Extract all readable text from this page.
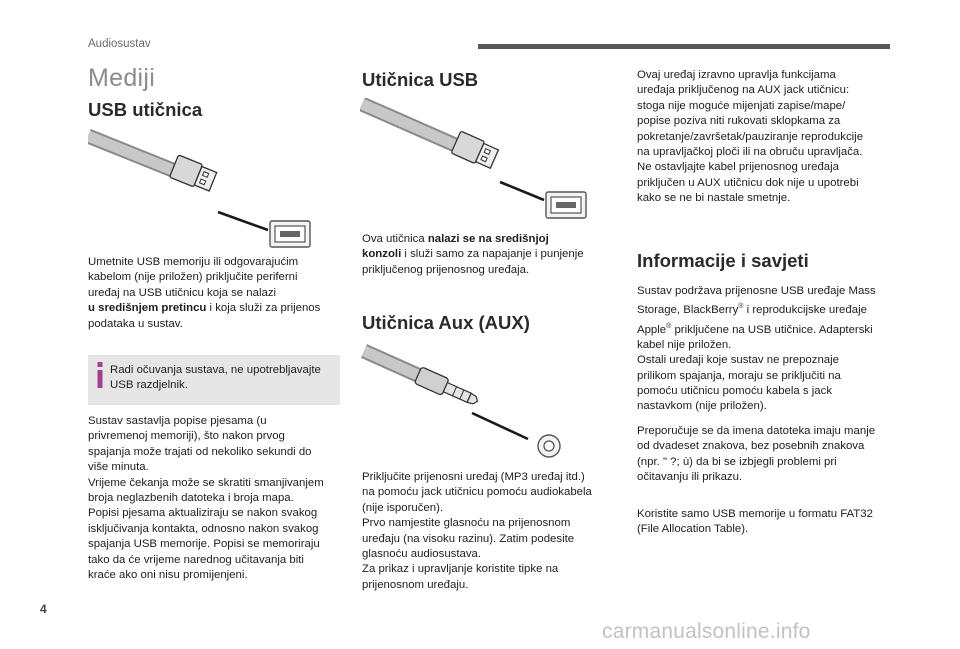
Audiosustav
Mediji
USB utičnica
Umetnite USB memoriju ili odgovarajućim
kabelom (nije priložen) priključite periferni
uređaj na USB utičnicu koja se nalazi
u središnjem pretincu i koja služi za prijenos
podataka u sustav.
Radi očuvanja sustava, ne upotrebljavajte
USB razdjelnik.
Sustav sastavlja popise pjesama (u
privremenoj memoriji), što nakon prvog
spajanja može trajati od nekoliko sekundi do
više minuta.
Vrijeme čekanja može se skratiti smanjivanjem
broja neglazbenih datoteka i broja mapa.
Popisi pjesama aktualiziraju se nakon svakog
isključivanja kontakta, odnosno nakon svakog
spajanja USB memorije. Popisi se memoriraju
tako da će vrijeme narednog učitavanja biti
kraće ako oni nisu promijenjeni.
Utičnica USB
Ova utičnica nalazi se na središnjoj
konzoli i služi samo za napajanje i punjenje
priključenog prijenosnog uređaja.
Utičnica Aux (AUX)
Priključite prijenosni uređaj (MP3 uređaj itd.)
na pomoću jack utičnicu pomoću audiokabela
(nije isporučen).
Prvo namjestite glasnoću na prijenosnom
uređaju (na visoku razinu). Zatim podesite
glasnoću audiosustava.
Za prikaz i upravljanje koristite tipke na
prijenosnom uređaju.
Ovaj uređaj izravno upravlja funkcijama
uređaja priključenog na AUX jack utičnicu:
stoga nije moguće mijenjati zapise/mape/
popise poziva niti rukovati sklopkama za
pokretanje/završetak/pauziranje reprodukcije
na upravljačkoj ploči ili na obruču upravljača.
Ne ostavljajte kabel prijenosnog uređaja
priključen u AUX utičnicu dok nije u upotrebi
kako se ne bi nastale smetnje.
Informacije i savjeti
Sustav podržava prijenosne USB uređaje Mass
Storage, BlackBerry® i reprodukcijske uređaje
Apple® priključene na USB utičnice. Adapterski
kabel nije priložen.
Ostali uređaji koje sustav ne prepoznaje
prilikom spajanja, moraju se priključiti na
pomoću utičnicu pomoću kabela s jack
nastavkom (nije priložen).
Preporučuje se da imena datoteka imaju manje
od dvadeset znakova, bez posebnih znakova
(npr. " ?; ù) da bi se izbjegli problemi pri
očitavanju ili prikazu.
Koristite samo USB memorije u formatu FAT32
(File Allocation Table).
4
carmanualsonline.info
